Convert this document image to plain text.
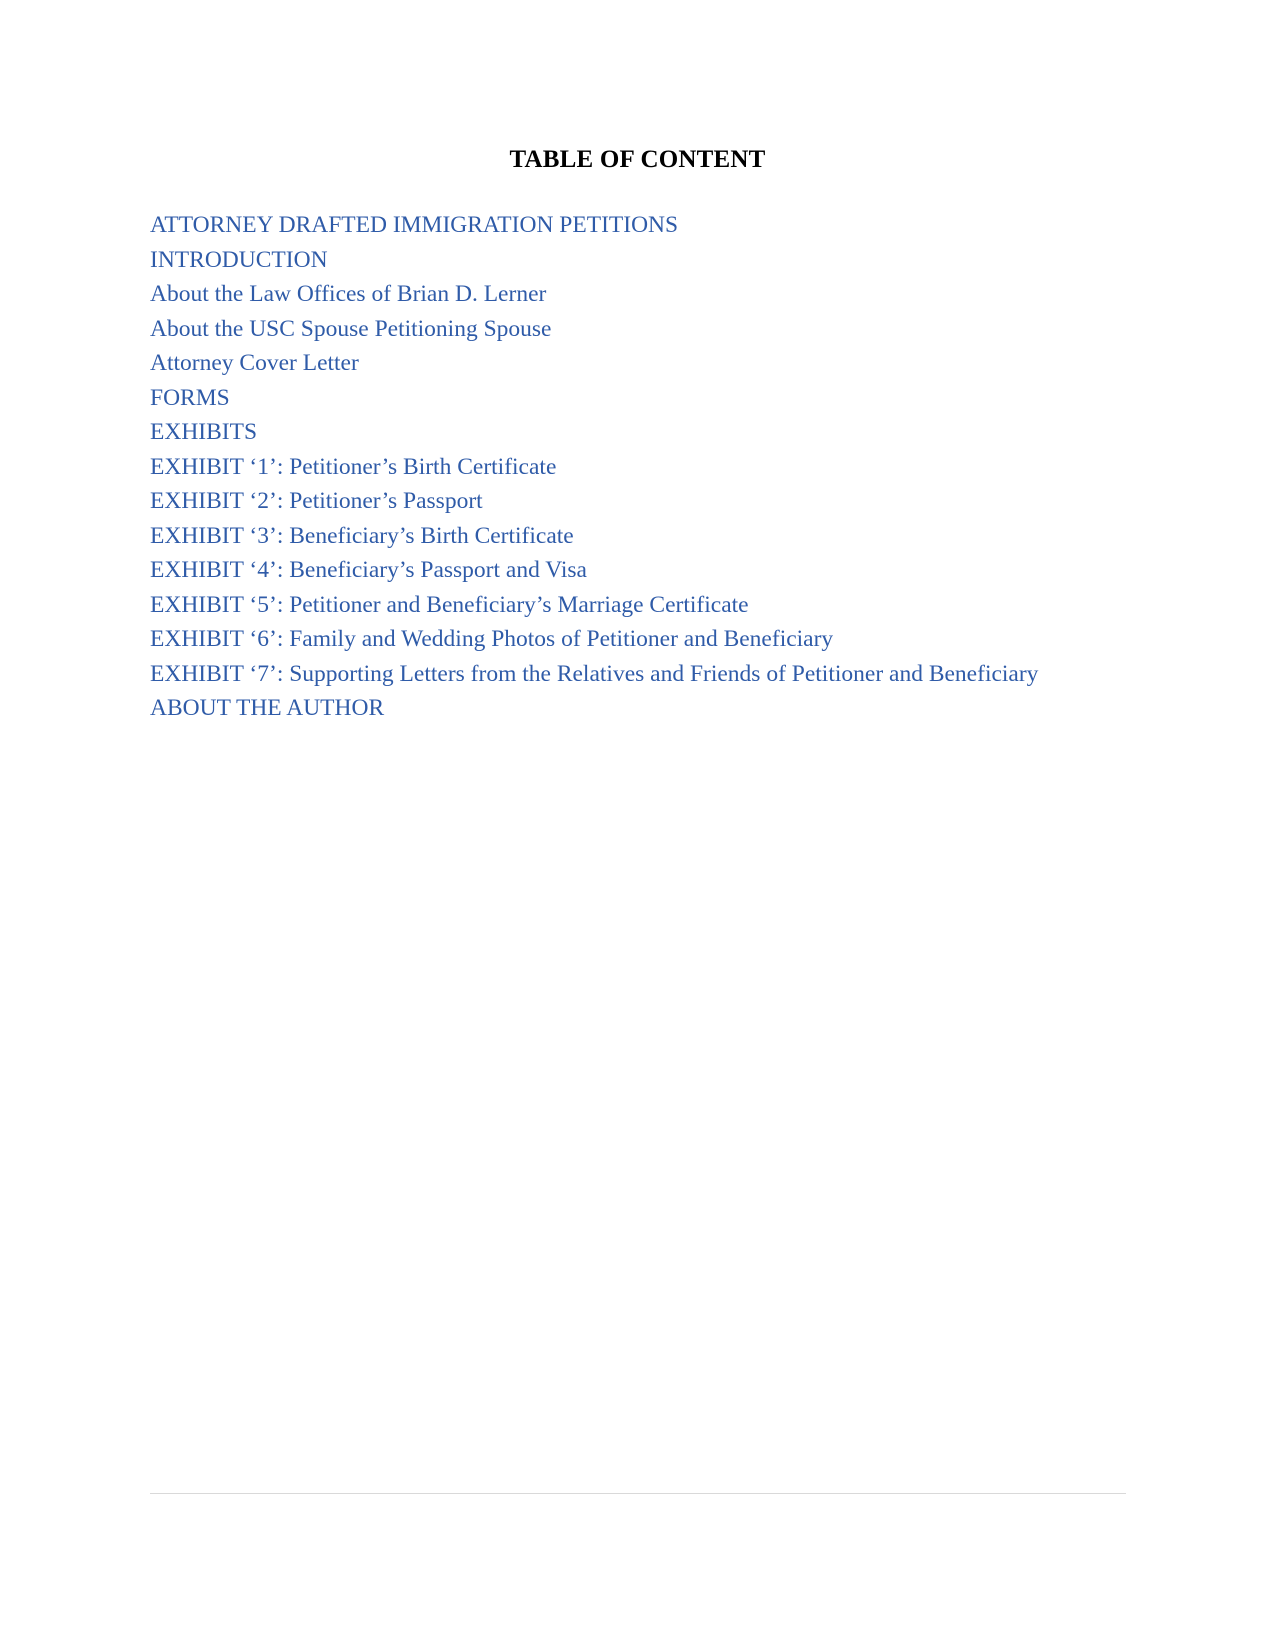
TABLE OF CONTENT
ATTORNEY DRAFTED IMMIGRATION PETITIONS
INTRODUCTION
About the Law Offices of Brian D. Lerner
About the USC Spouse Petitioning Spouse
Attorney Cover Letter
FORMS
EXHIBITS
EXHIBIT ‘1’: Petitioner’s Birth Certificate
EXHIBIT ‘2’: Petitioner’s Passport
EXHIBIT ‘3’: Beneficiary’s Birth Certificate
EXHIBIT ‘4’: Beneficiary’s Passport and Visa
EXHIBIT ‘5’: Petitioner and Beneficiary’s Marriage Certificate
EXHIBIT ‘6’: Family and Wedding Photos of Petitioner and Beneficiary
EXHIBIT ‘7’: Supporting Letters from the Relatives and Friends of Petitioner and Beneficiary
ABOUT THE AUTHOR
